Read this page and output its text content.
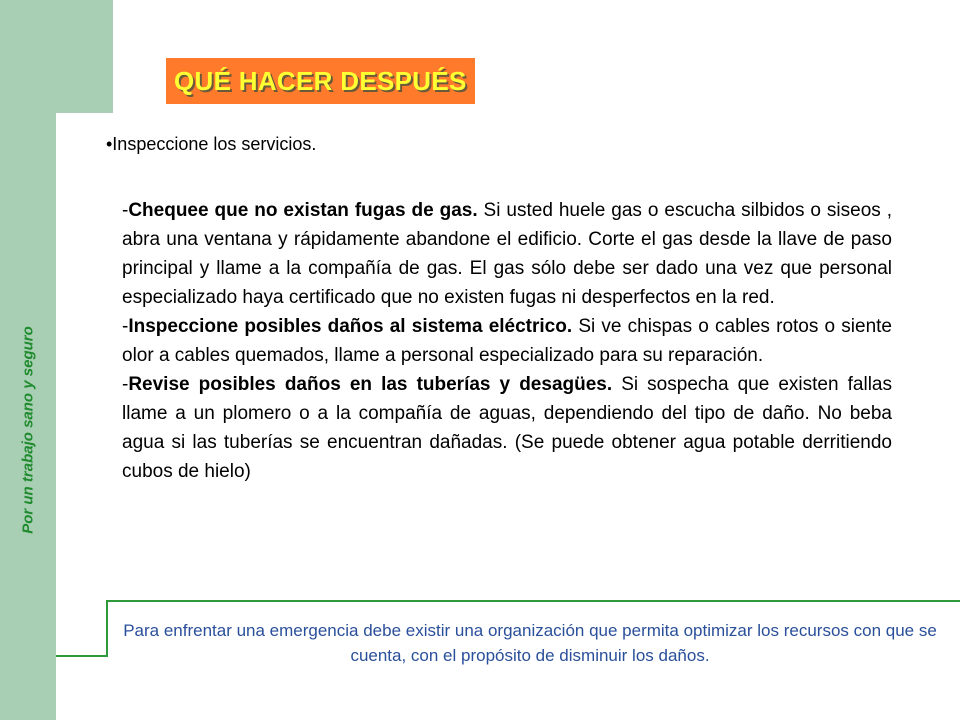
Por un trabajo sano y seguro
QUÉ HACER DESPUÉS
•Inspeccione los servicios.

-Chequee que no existan fugas de gas. Si usted huele gas o escucha silbidos o siseos , abra una ventana y rápidamente abandone el edificio. Corte el gas desde la llave de paso principal y llame a la compañía de gas. El gas sólo debe ser dado una vez que personal especializado haya certificado que no existen fugas ni desperfectos en la red.

-Inspeccione posibles daños al sistema eléctrico. Si ve chispas o cables rotos o siente olor a cables quemados, llame a personal especializado para su reparación.

-Revise posibles daños en las tuberías y desagües. Si sospecha que existen fallas llame a un plomero o a la compañía de aguas, dependiendo del tipo de daño. No beba agua si las tuberías se encuentran dañadas. (Se puede obtener agua potable derritiendo cubos de hielo)

Para enfrentar una emergencia debe existir una organización que permita optimizar los recursos con que se cuenta, con el propósito de disminuir los daños.
